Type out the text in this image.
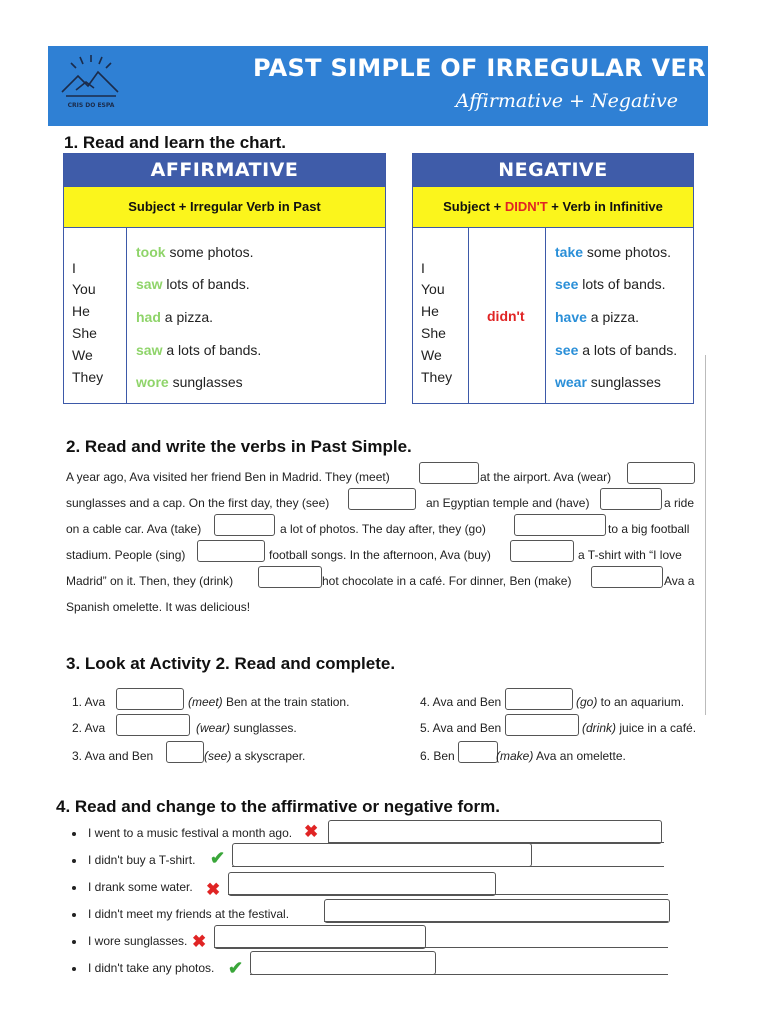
CRIS DO ESPA
PAST SIMPLE OF IRREGULAR VERBS
Affirmative + Negative
1. Read and learn the chart.
AFFIRMATIVE
Subject + Irregular Verb in Past
I
You
He
She
We
They
took some photos.
saw lots of bands.
had a pizza.
saw a lots of bands.
wore sunglasses
NEGATIVE
Subject + DIDN'T + Verb in Infinitive
I
You
He
She
We
They
didn't
take some photos.
see lots of bands.
have a pizza.
see a lots of bands.
wear sunglasses
2. Read and write the verbs in Past Simple.
A year ago, Ava visited her friend Ben in Madrid. They (meet)	at the airport. Ava (wear)
sunglasses and a cap. On the first day, they (see)	an Egyptian temple and (have)	a ride
on a cable car. Ava (take)	a lot of photos. The day after, they (go)	to a big football
stadium. People (sing)	football songs. In the afternoon, Ava (buy)	a T-shirt with “I love
Madrid” on it. Then, they (drink)	hot chocolate in a café. For dinner, Ben (make)	Ava a
Spanish omelette. It was delicious!
3. Look at Activity 2. Read and complete.
1. Ava	(meet) Ben at the train station.
2. Ava	(wear) sunglasses.
3. Ava and Ben	(see) a skyscraper.
4. Ava and Ben	(go) to an aquarium.
5. Ava and Ben	(drink) juice in a café.
6. Ben	(make) Ava an omelette.
4. Read and change to the affirmative or negative form.
I went to a music festival a month ago. ✖
I didn't buy a T-shirt. ✔
I drank some water. ✖
I didn't meet my friends at the festival.
I wore sunglasses. ✖
I didn't take any photos. ✔
